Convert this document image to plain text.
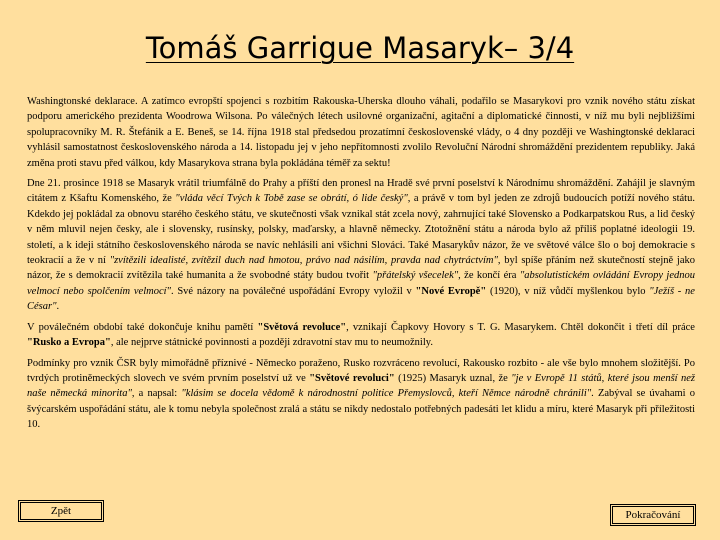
Tomáš Garrigue Masaryk– 3/4

Washingtonské deklarace. A zatímco evropští spojenci s rozbitím Rakouska-Uherska dlouho váhali, podařilo se Masarykovi pro vznik nového státu získat podporu amerického prezidenta Woodrowa Wilsona. Po válečných létech usilovné organizační, agitační a diplomatické činnosti, v níž mu byli nejbližšími spolupracovníky M. R. Štefánik a E. Beneš, se 14. října 1918 stal předsedou prozatímní československé vlády, o 4 dny později ve Washingtonské deklaraci vyhlásil samostatnost československého národa a 14. listopadu jej v jeho nepřítomnosti zvolilo Revoluční Národní shromáždění prezidentem republiky. Jaká změna proti stavu před válkou, kdy Masarykova strana byla pokládána téměř za sektu!

Dne 21. prosince 1918 se Masaryk vrátil triumfálně do Prahy a příští den pronesl na Hradě své první poselství k Národnímu shromáždění. Zahájil je slavným citátem z Kšaftu Komenského, že "vláda věcí Tvých k Tobě zase se obrátí, ó lide český", a právě v tom byl jeden ze zdrojů budoucích potíží nového státu. Kdekdo jej pokládal za obnovu starého českého státu, ve skutečnosti však vznikal stát zcela nový, zahrnující také Slovensko a Podkarpatskou Rus, a lid český v něm mluvil nejen česky, ale i slovensky, rusínsky, polsky, maďarsky, a hlavně německy. Ztotožnění státu a národa bylo až příliš poplatné ideologii 19. století, a k ideji státního československého národa se navíc nehlásili ani všichni Slováci. Také Masarykův názor, že ve světové válce šlo o boj demokracie s teokracií a že v ní "zvítězili idealisté, zvítězil duch nad hmotou, právo nad násilím, pravda nad chytráctvím", byl spíše přáním než skutečností stejně jako názor, že s demokracií zvítězila také humanita a že svobodné státy budou tvořit "přátelský všecelek", že končí éra "absolutistickém ovládání Evropy jednou velmocí nebo spolčením velmocí". Své názory na poválečné uspořádání Evropy vyložil v "Nové Evropě" (1920), v níž vůdčí myšlenkou bylo "Ježíš - ne César".

V poválečném období také dokončuje knihu pamětí "Světová revoluce", vznikají Čapkovy Hovory s T. G. Masarykem. Chtěl dokončit i třetí díl práce "Rusko a Evropa", ale nejprve státnické povinnosti a později zdravotní stav mu to neumožnily.

Podmínky pro vznik ČSR byly mimořádně příznivé - Německo poraženo, Rusko rozvráceno revolucí, Rakousko rozbito - ale vše bylo mnohem složitější. Po tvrdých protiněmeckých slovech ve svém prvním poselství už ve "Světové revoluci" (1925) Masaryk uznal, že "je v Evropě 11 států, které jsou menší než naše německá minorita", a napsal: "klásim se docela vědomě k národnostní politice Přemyslovců, kteří Němce národně chránili". Zabýval se úvahami o švýcarském uspořádání státu, ale k tomu nebyla společnost zralá a státu se nikdy nedostalo potřebných padesáti let klidu a míru, které Masaryk při příležitosti 10.

Zpět	Pokračování
